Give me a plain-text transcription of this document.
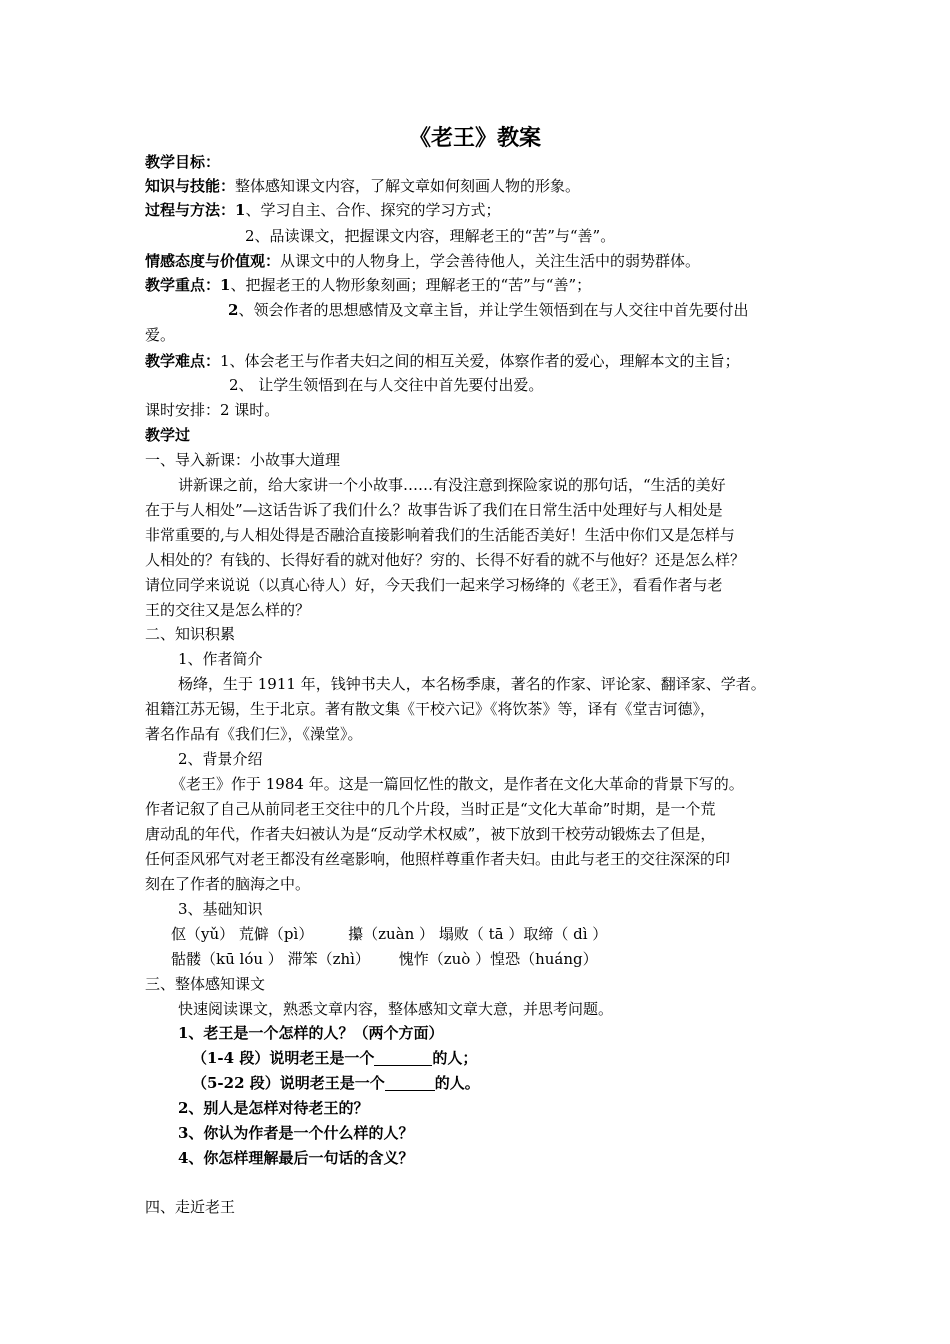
《老王》教案
教学目标：
知识与技能：整体感知课文内容，了解文章如何刻画人物的形象。
过程与方法：1、学习自主、合作、探究的学习方式；
2、品读课文，把握课文内容，理解老王的“苦”与“善”。
情感态度与价值观：从课文中的人物身上，学会善待他人，关注生活中的弱势群体。
教学重点：1、把握老王的人物形象刻画；理解老王的“苦”与“善”；
2、领会作者的思想感情及文章主旨，并让学生领悟到在与人交往中首先要付出
爱。
教学难点：1、体会老王与作者夫妇之间的相互关爱，体察作者的爱心，理解本文的主旨；
2、 让学生领悟到在与人交往中首先要付出爱。
课时安排：2 课时。
教学过
一、导入新课：小故事大道理
讲新课之前，给大家讲一个小故事……有没注意到探险家说的那句话，“生活的美好
在于与人相处”—这话告诉了我们什么？故事告诉了我们在日常生活中处理好与人相处是
非常重要的,与人相处得是否融洽直接影响着我们的生活能否美好！生活中你们又是怎样与
人相处的？有钱的、长得好看的就对他好？穷的、长得不好看的就不与他好？还是怎么样？
请位同学来说说（以真心待人）好，今天我们一起来学习杨绛的《老王》，看看作者与老
王的交往又是怎么样的？
二、知识积累
1、作者简介
杨绛，生于 1911 年，钱钟书夫人，本名杨季康，著名的作家、评论家、翻译家、学者。
祖籍江苏无锡，生于北京。著有散文集《干校六记》《将饮茶》等，译有《堂吉诃德》，
著名作品有《我们仨》，《澡堂》。
2、背景介绍
《老王》作于 1984 年。这是一篇回忆性的散文，是作者在文化大革命的背景下写的。
作者记叙了自己从前同老王交往中的几个片段，当时正是“文化大革命”时期，是一个荒
唐动乱的年代，作者夫妇被认为是“反动学术权威”，被下放到干校劳动锻炼去了但是，
任何歪风邪气对老王都没有丝毫影响，他照样尊重作者夫妇。由此与老王的交往深深的印
刻在了作者的脑海之中。
3、基础知识
伛（yǔ） 荒僻（pì） 攥（zuàn ） 塌败（ tā ）取缔（ dì ）
骷髅（kū lóu ） 滞笨（zhì） 愧怍（zuò ）惶恐（huáng）
三、整体感知课文
快速阅读课文，熟悉文章内容，整体感知文章大意，并思考问题。
1、老王是一个怎样的人？（两个方面）
（1-4 段）说明老王是一个	的人；
（5-22 段）说明老王是一个	的人。
2、别人是怎样对待老王的？
3、你认为作者是一个什么样的人？
4、你怎样理解最后一句话的含义？
四、走近老王
